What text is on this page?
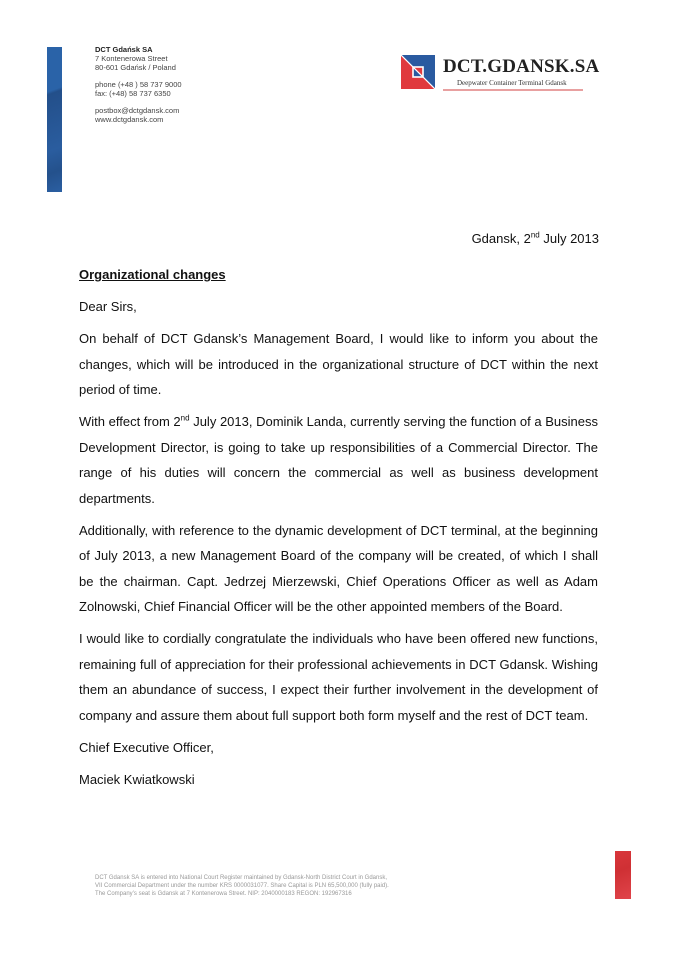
DCT Gdańsk SA
7 Kontenerowa Street
80-601 Gdańsk / Poland
phone (+48 ) 58 737 9000
fax: (+48) 58 737 6350
postbox@dctgdansk.com
www.dctgdansk.com
DCT.GDANSK.SA
Deepwater Container Terminal Gdansk
Gdansk, 2nd July 2013

Organizational changes

Dear Sirs,

On behalf of DCT Gdansk’s Management Board, I would like to inform you about the changes, which will be introduced in the organizational structure of DCT within the next period of time.

With effect from 2nd July 2013, Dominik Landa, currently serving the function of a Business Development Director, is going to take up responsibilities of a Commercial Director. The range of his duties will concern the commercial as well as business development departments.

Additionally, with reference to the dynamic development of DCT terminal, at the beginning of July 2013, a new Management Board of the company will be created, of which I shall be the chairman. Capt. Jedrzej Mierzewski, Chief Operations Officer as well as Adam Zolnowski, Chief Financial Officer will be the other appointed members of the Board.

I would like to cordially congratulate the individuals who have been offered new functions, remaining full of appreciation for their professional achievements in DCT Gdansk. Wishing them an abundance of success, I expect their further involvement in the development of company and assure them about full support both form myself and the rest of DCT team.

Chief Executive Officer,

Maciek Kwiatkowski

DCT Gdansk SA is entered into National Court Register maintained by Gdansk-North District Court in Gdansk,
VII Commercial Department under the number KRS 0000031077. Share Capital is PLN 65,500,000 (fully paid).
The Company’s seat is Gdansk at 7 Kontenerowa Street. NIP: 2040000183 REGON: 192967316
